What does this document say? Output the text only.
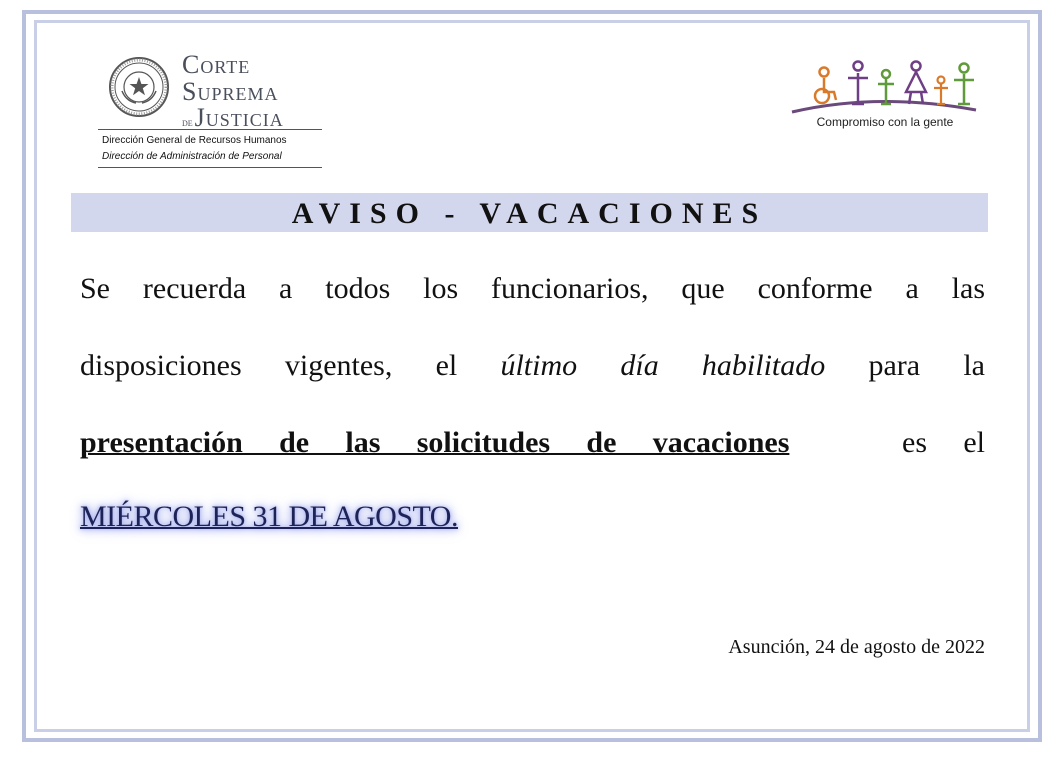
Corte
Suprema
deJusticia
Dirección General de Recursos Humanos
Dirección de Administración de Personal
Compromiso con la gente
AVISO - VACACIONES
Se recuerda a todos los funcionarios, que conforme a las
disposiciones vigentes, el último día habilitado para la
presentación de las solicitudes de vacaciones	es el
MIÉRCOLES 31 DE AGOSTO.
Asunción, 24 de agosto de 2022
